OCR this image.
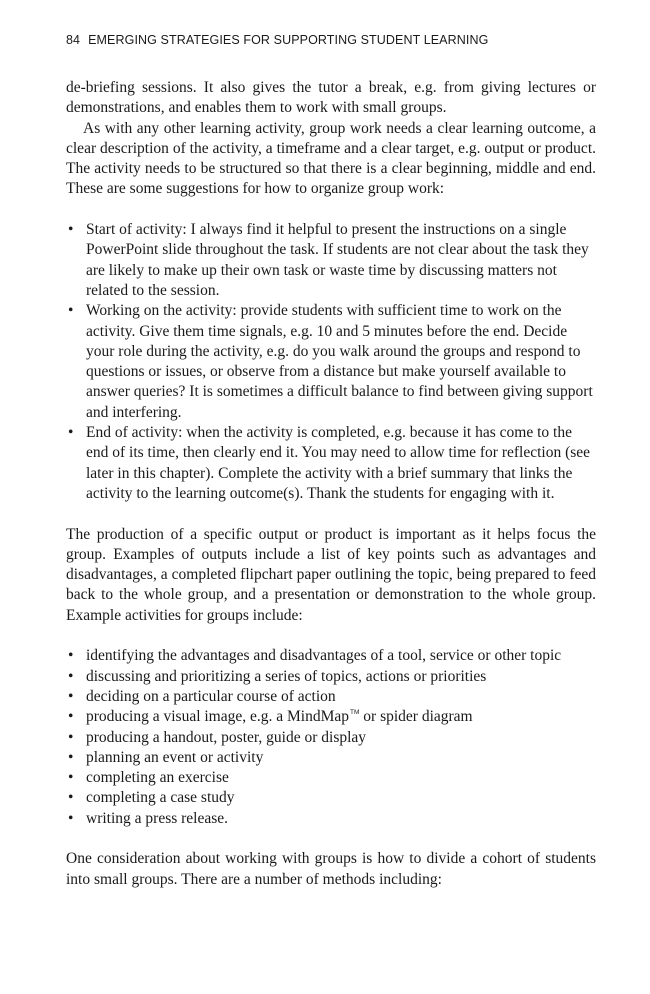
84 EMERGING STRATEGIES FOR SUPPORTING STUDENT LEARNING

de-briefing sessions. It also gives the tutor a break, e.g. from giving lectures or demonstrations, and enables them to work with small groups.

As with any other learning activity, group work needs a clear learning outcome, a clear description of the activity, a timeframe and a clear target, e.g. output or product. The activity needs to be structured so that there is a clear beginning, middle and end. These are some suggestions for how to organize group work:

• Start of activity: I always find it helpful to present the instructions on a single PowerPoint slide throughout the task. If students are not clear about the task they are likely to make up their own task or waste time by discussing matters not related to the session.
• Working on the activity: provide students with sufficient time to work on the activity. Give them time signals, e.g. 10 and 5 minutes before the end. Decide your role during the activity, e.g. do you walk around the groups and respond to questions or issues, or observe from a distance but make yourself available to answer queries? It is sometimes a difficult balance to find between giving support and interfering.
• End of activity: when the activity is completed, e.g. because it has come to the end of its time, then clearly end it. You may need to allow time for reflection (see later in this chapter). Complete the activity with a brief summary that links the activity to the learning outcome(s). Thank the students for engaging with it.

The production of a specific output or product is important as it helps focus the group. Examples of outputs include a list of key points such as advantages and disadvantages, a completed flipchart paper outlining the topic, being prepared to feed back to the whole group, and a presentation or demonstration to the whole group. Example activities for groups include:

• identifying the advantages and disadvantages of a tool, service or other topic
• discussing and prioritizing a series of topics, actions or priorities
• deciding on a particular course of action
• producing a visual image, e.g. a MindMap™ or spider diagram
• producing a handout, poster, guide or display
• planning an event or activity
• completing an exercise
• completing a case study
• writing a press release.

One consideration about working with groups is how to divide a cohort of students into small groups. There are a number of methods including:
